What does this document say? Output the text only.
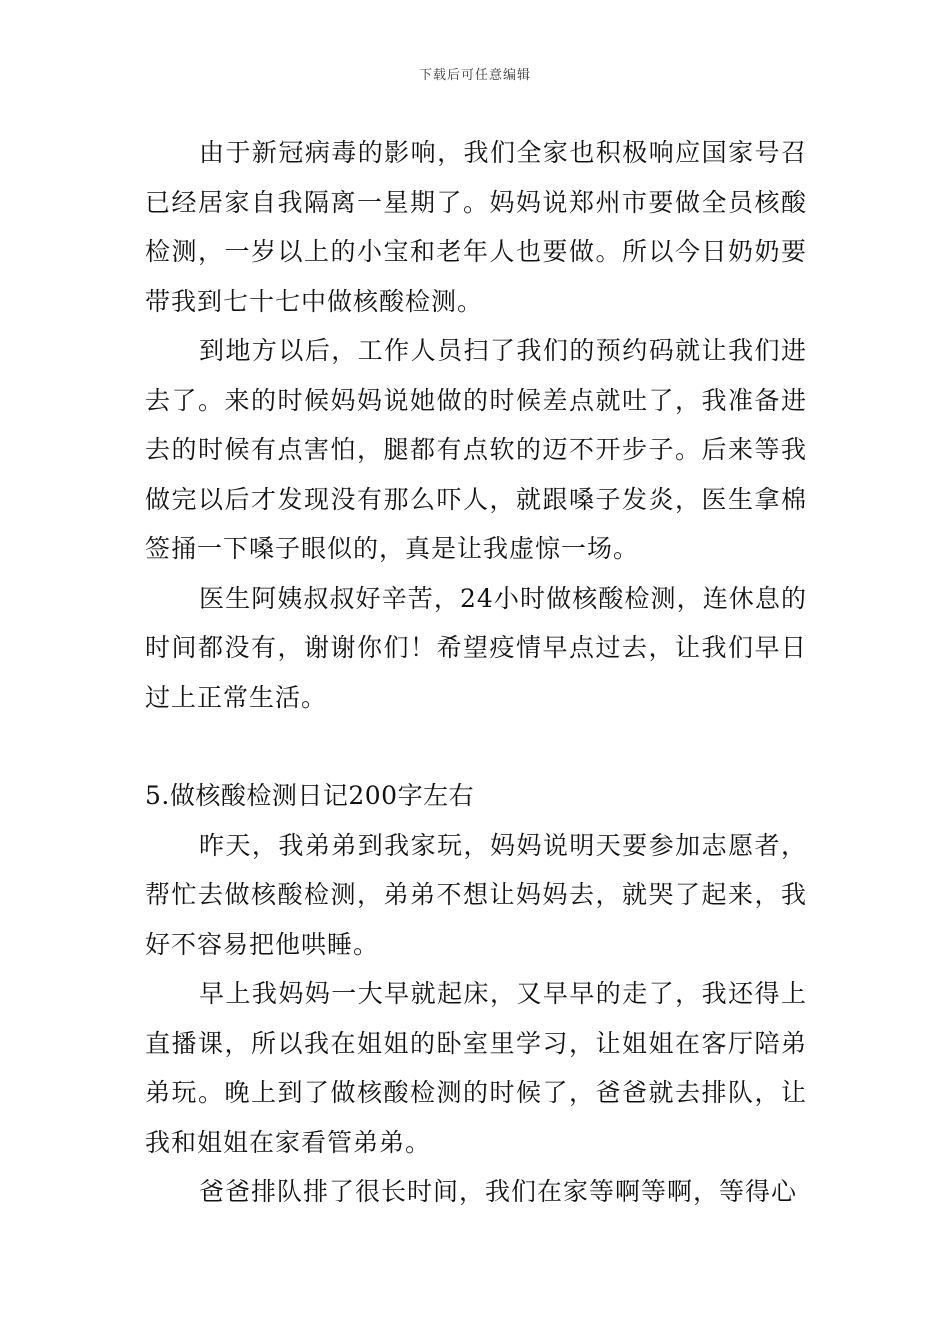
下载后可任意编辑

由于新冠病毒的影响，我们全家也积极响应国家号召已经居家自我隔离一星期了。妈妈说郑州市要做全员核酸检测，一岁以上的小宝和老年人也要做。所以今日奶奶要带我到七十七中做核酸检测。

到地方以后，工作人员扫了我们的预约码就让我们进去了。来的时候妈妈说她做的时候差点就吐了，我准备进去的时候有点害怕，腿都有点软的迈不开步子。后来等我做完以后才发现没有那么吓人，就跟嗓子发炎，医生拿棉签捅一下嗓子眼似的，真是让我虚惊一场。

医生阿姨叔叔好辛苦，24小时做核酸检测，连休息的时间都没有，谢谢你们！希望疫情早点过去，让我们早日过上正常生活。

5.做核酸检测日记200字左右

昨天，我弟弟到我家玩，妈妈说明天要参加志愿者，帮忙去做核酸检测，弟弟不想让妈妈去，就哭了起来，我好不容易把他哄睡。

早上我妈妈一大早就起床，又早早的走了，我还得上直播课，所以我在姐姐的卧室里学习，让姐姐在客厅陪弟弟玩。晚上到了做核酸检测的时候了，爸爸就去排队，让我和姐姐在家看管弟弟。

爸爸排队排了很长时间，我们在家等啊等啊，等得心
